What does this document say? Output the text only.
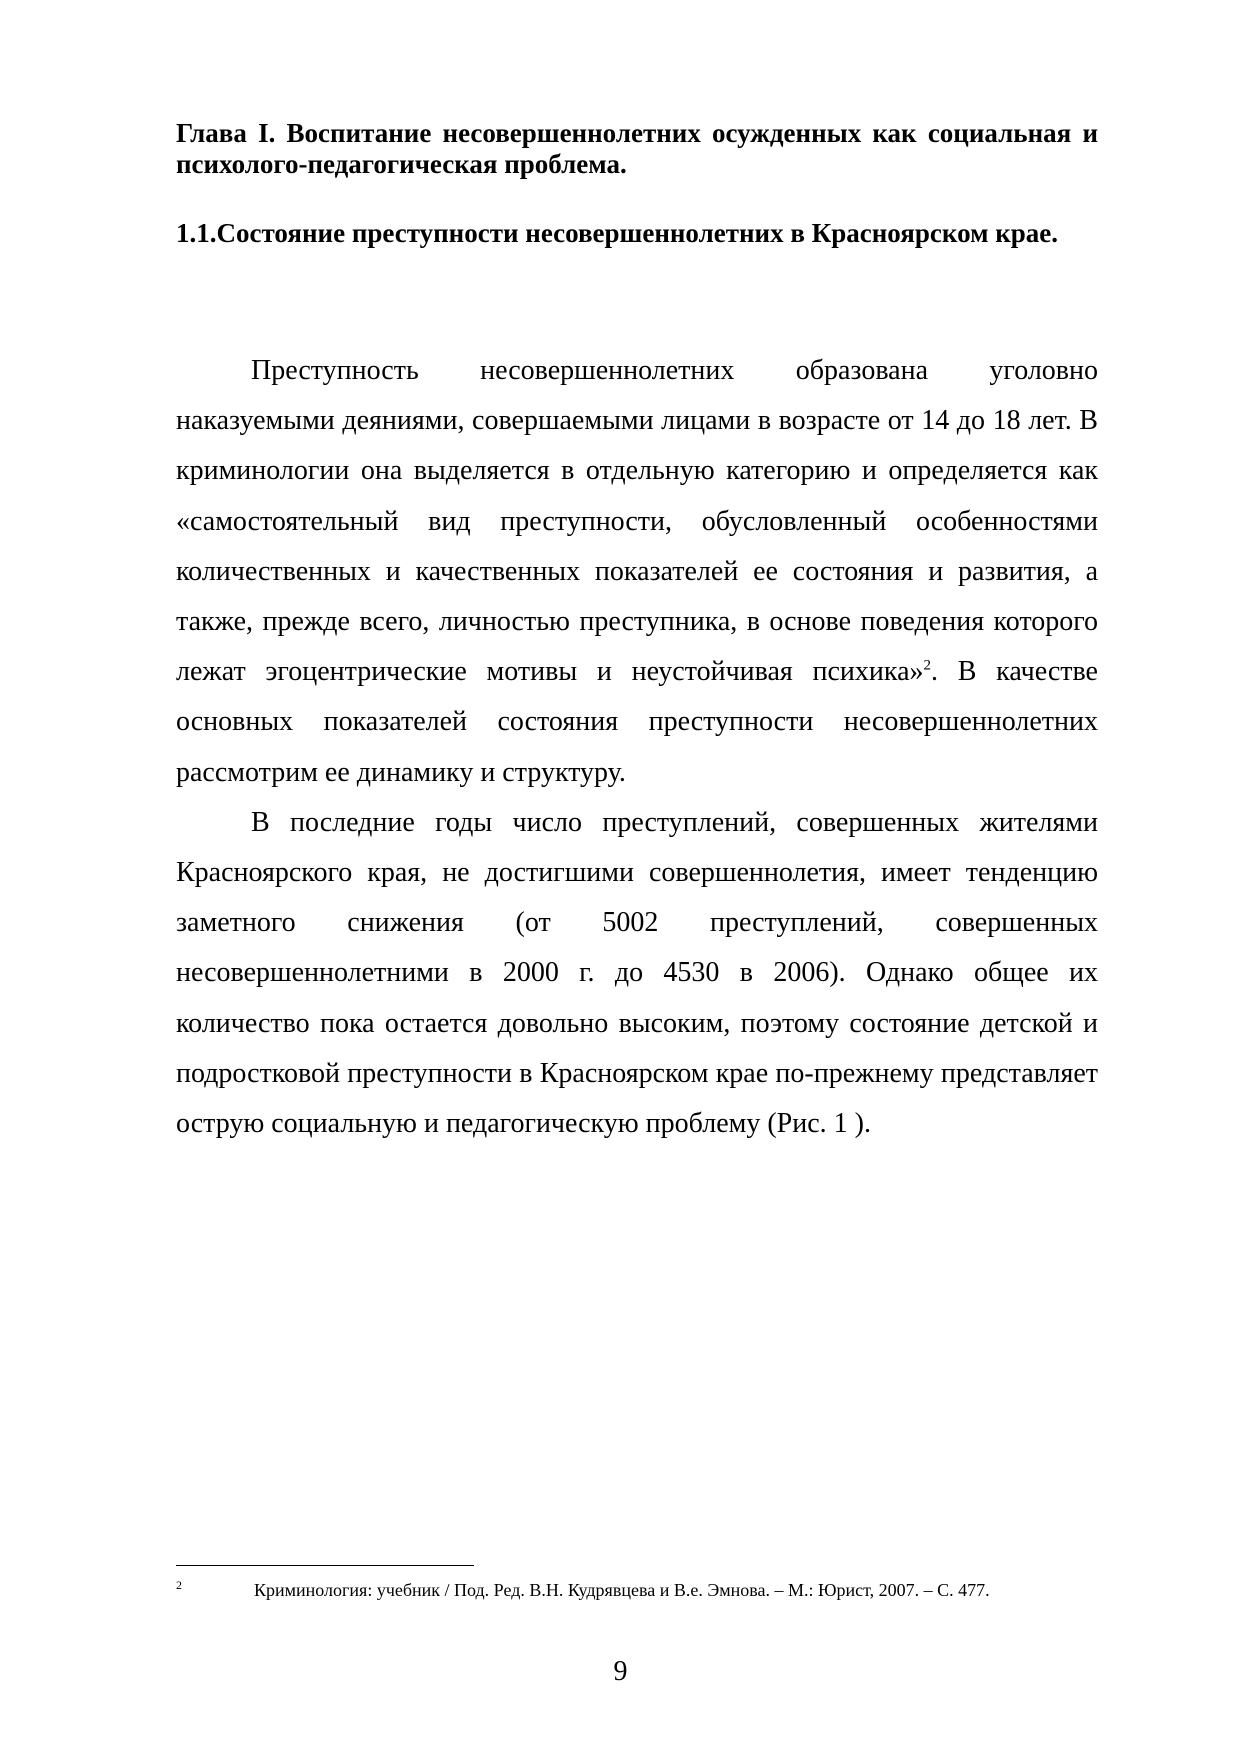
Глава I. Воспитание несовершеннолетних осужденных как социальная и психолого-педагогическая проблема.
1.1.Состояние преступности несовершеннолетних в Красноярском крае.

Преступность несовершеннолетних образована уголовно наказуемыми деяниями, совершаемыми лицами в возрасте от 14 до 18 лет. В криминологии она выделяется в отдельную категорию и определяется как «самостоятельный вид преступности, обусловленный особенностями количественных и качественных показателей ее состояния и развития, а также, прежде всего, личностью преступника, в основе поведения которого лежат эгоцентрические мотивы и неустойчивая психика»$^2$. В качестве основных показателей состояния преступности несовершеннолетних рассмотрим ее динамику и структуру.

В последние годы число преступлений, совершенных жителями Красноярского края, не достигшими совершеннолетия, имеет тенденцию заметного снижения (от 5002 преступлений, совершенных несовершеннолетними в 2000 г. до 4530 в 2006). Однако общее их количество пока остается довольно высоким, поэтому состояние детской и подростковой преступности в Красноярском крае по-прежнему представляет острую социальную и педагогическую проблему (Рис. 1 ).

2	Криминология: учебник / Под. Ред. В.Н. Кудрявцева и В.е. Эмнова. – М.: Юрист, 2007. – С. 477.

9
